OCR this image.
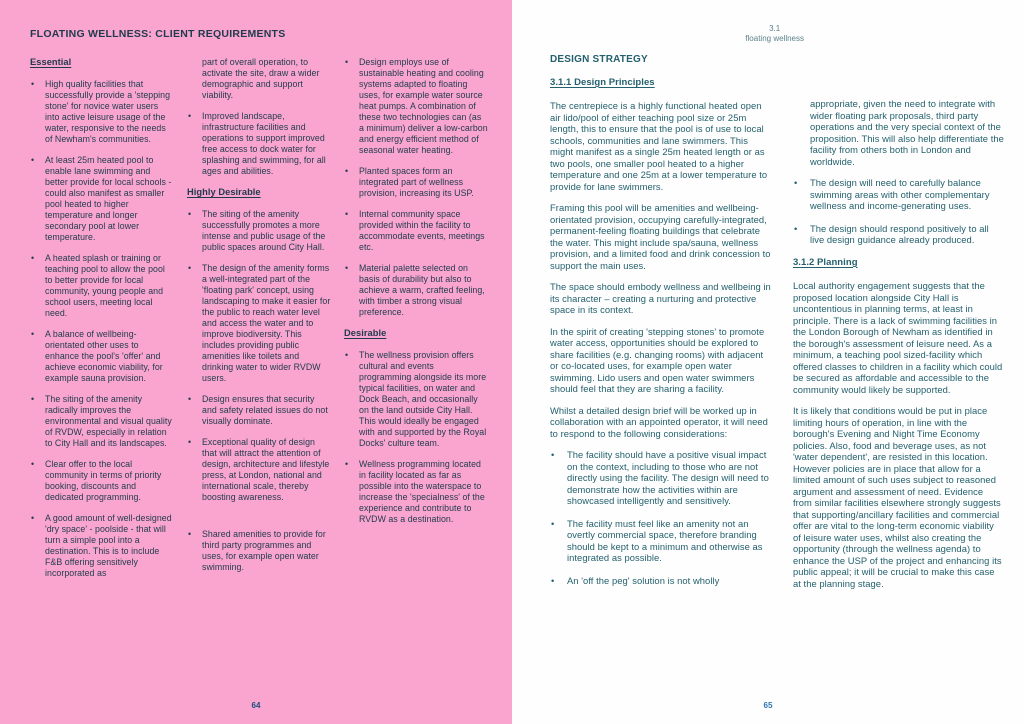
FLOATING WELLNESS: CLIENT REQUIREMENTS
Essential
• High quality facilities that successfully provide a 'stepping stone' for novice water users into active leisure usage of the water, responsive to the needs of Newham's communities.
• At least 25m heated pool to enable lane swimming and better provide for local schools - could also manifest as smaller pool heated to higher temperature and longer secondary pool at lower temperature.
• A heated splash or training or teaching pool to allow the pool to better provide for local community, young people and school users, meeting local need.
• A balance of wellbeing-orientated other uses to enhance the pool's 'offer' and achieve economic viability, for example sauna provision.
• The siting of the amenity radically improves the environmental and visual quality of RVDW, especially in relation to City Hall and its landscapes.
• Clear offer to the local community in terms of priority booking, discounts and dedicated programming.
• A good amount of well-designed 'dry space' - poolside - that will turn a simple pool into a destination. This is to include F&B offering sensitively incorporated as

part of overall operation, to activate the site, draw a wider demographic and support viability.

• Improved landscape, infrastructure facilities and operations to support improved free access to dock water for splashing and swimming, for all ages and abilities.
Highly Desirable
• The siting of the amenity successfully promotes a more intense and public usage of the public spaces around City Hall.
• The design of the amenity forms a well-integrated part of the 'floating park' concept, using landscaping to make it easier for the public to reach water level and access the water and to improve biodiversity. This includes providing public amenities like toilets and drinking water to wider RVDW users.
• Design ensures that security and safety related issues do not visually dominate.
• Exceptional quality of design that will attract the attention of design, architecture and lifestyle press, at London, national and international scale, thereby boosting awareness.
• Shared amenities to provide for third party programmes and uses, for example open water swimming.
• Design employs use of sustainable heating and cooling systems adapted to floating uses, for example water source heat pumps. A combination of these two technologies can (as a minimum) deliver a low-carbon and energy efficient method of seasonal water heating.
• Planted spaces form an integrated part of wellness provision, increasing its USP.
• Internal community space provided within the facility to accommodate events, meetings etc.
• Material palette selected on basis of durability but also to achieve a warm, crafted feeling, with timber a strong visual preference.
Desirable
• The wellness provision offers cultural and events programming alongside its more typical facilities, on water and Dock Beach, and occasionally on the land outside City Hall. This would ideally be engaged with and supported by the Royal Docks' culture team.
• Wellness programming located in facility located as far as possible into the waterspace to increase the 'specialness' of the experience and contribute to RVDW as a destination.
64
3.1
floating wellness
DESIGN STRATEGY
3.1.1 Design Principles

The centrepiece is a highly functional heated open air lido/pool of either teaching pool size or 25m length, this to ensure that the pool is of use to local schools, communities and lane swimmers. This might manifest as a single 25m heated length or as two pools, one smaller pool heated to a higher temperature and one 25m at a lower temperature to provide for lane swimmers.

Framing this pool will be amenities and wellbeing-orientated provision, occupying carefully-integrated, permanent-feeling floating buildings that celebrate the water. This might include spa/sauna, wellness provision, and a limited food and drink concession to support the main uses.

The space should embody wellness and wellbeing in its character – creating a nurturing and protective space in its context.

In the spirit of creating 'stepping stones' to promote water access, opportunities should be explored to share facilities (e.g. changing rooms) with adjacent or co-located uses, for example open water swimming. Lido users and open water swimmers should feel that they are sharing a facility.

Whilst a detailed design brief will be worked up in collaboration with an appointed operator, it will need to respond to the following considerations:

• The facility should have a positive visual impact on the context, including to those who are not directly using the facility. The design will need to demonstrate how the activities within are showcased intelligently and sensitively.
• The facility must feel like an amenity not an overtly commercial space, therefore branding should be kept to a minimum and otherwise as integrated as possible.
• An 'off the peg' solution is not wholly

appropriate, given the need to integrate with wider floating park proposals, third party operations and the very special context of the proposition. This will also help differentiate the facility from others both in London and worldwide.

• The design will need to carefully balance swimming areas with other complementary wellness and income-generating uses.
• The design should respond positively to all live design guidance already produced.
3.1.2 Planning

Local authority engagement suggests that the proposed location alongside City Hall is uncontentious in planning terms, at least in principle. There is a lack of swimming facilities in the London Borough of Newham as identified in the borough's assessment of leisure need. As a minimum, a teaching pool sized-facility which offered classes to children in a facility which could be secured as affordable and accessible to the community would likely be supported.

It is likely that conditions would be put in place limiting hours of operation, in line with the borough's Evening and Night Time Economy policies. Also, food and beverage uses, as not 'water dependent', are resisted in this location. However policies are in place that allow for a limited amount of such uses subject to reasoned argument and assessment of need. Evidence from similar facilities elsewhere strongly suggests that supporting/ancillary facilities and commercial offer are vital to the long-term economic viability of leisure water uses, whilst also creating the opportunity (through the wellness agenda) to enhance the USP of the project and enhancing its public appeal; it will be crucial to make this case at the planning stage.

65
